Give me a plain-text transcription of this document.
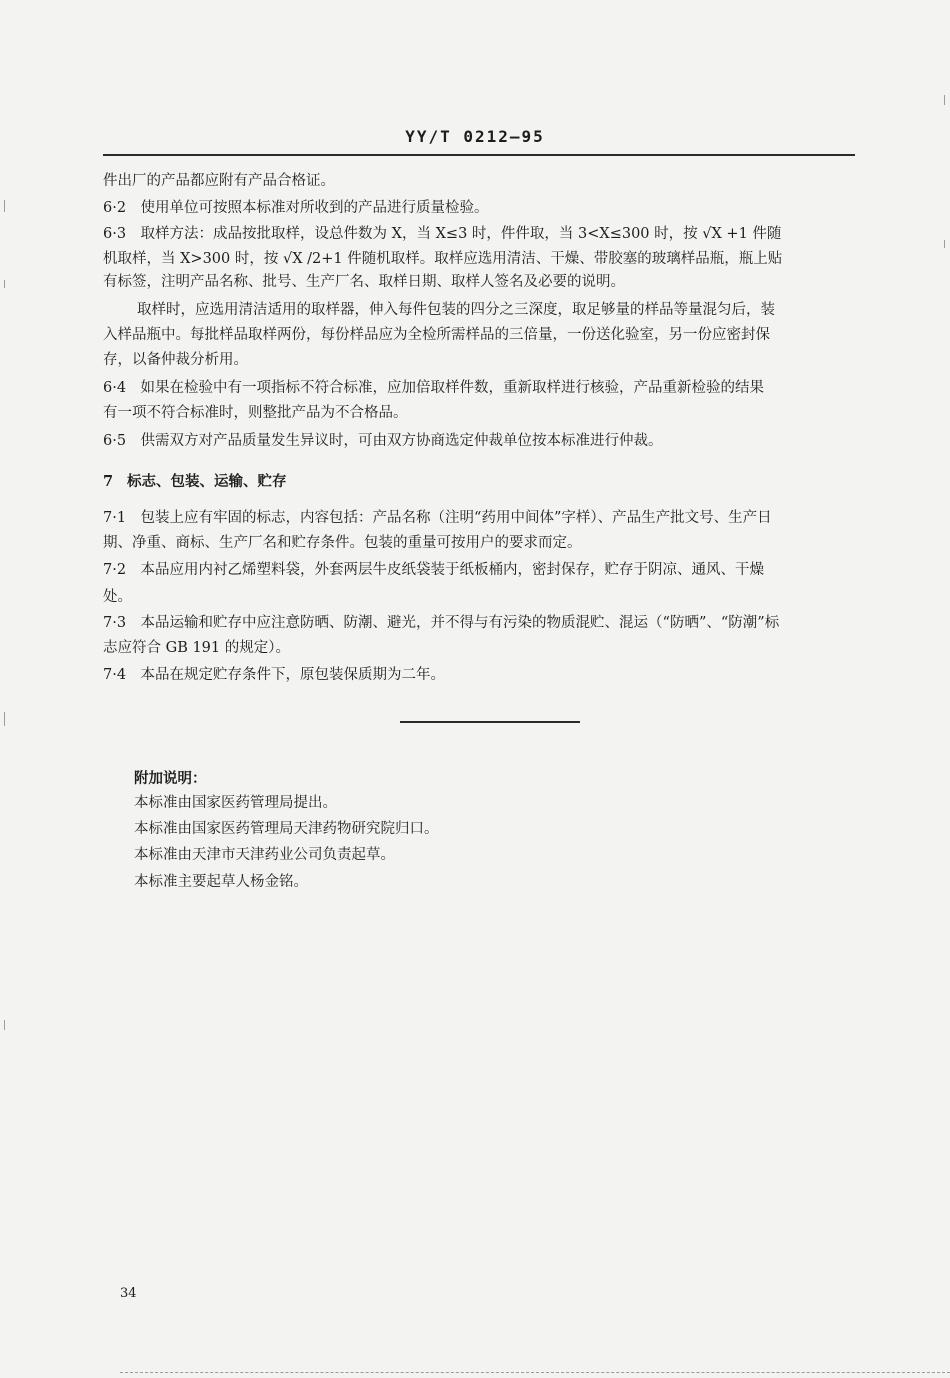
YY/T 0212—95
件出厂的产品都应附有产品合格证。
6·2　使用单位可按照本标准对所收到的产品进行质量检验。
6·3　取样方法：成品按批取样，设总件数为 X，当 X≤3 时，件件取，当 3<X≤300 时，按 √X +1 件随
机取样，当 X>300 时，按 √X /2+1 件随机取样。取样应选用清洁、干燥、带胶塞的玻璃样品瓶，瓶上贴
有标签，注明产品名称、批号、生产厂名、取样日期、取样人签名及必要的说明。
取样时，应选用清洁适用的取样器，伸入每件包装的四分之三深度，取足够量的样品等量混匀后，装
入样品瓶中。每批样品取样两份，每份样品应为全检所需样品的三倍量，一份送化验室，另一份应密封保
存，以备仲裁分析用。
6·4　如果在检验中有一项指标不符合标准，应加倍取样件数，重新取样进行核验，产品重新检验的结果
有一项不符合标准时，则整批产品为不合格品。
6·5　供需双方对产品质量发生异议时，可由双方协商选定仲裁单位按本标准进行仲裁。
7 标志、包装、运输、贮存
7·1　包装上应有牢固的标志，内容包括：产品名称（注明“药用中间体”字样）、产品生产批文号、生产日
期、净重、商标、生产厂名和贮存条件。包装的重量可按用户的要求而定。
7·2　本品应用内衬乙烯塑料袋，外套两层牛皮纸袋装于纸板桶内，密封保存，贮存于阴凉、通风、干燥
处。
7·3　本品运输和贮存中应注意防晒、防潮、避光，并不得与有污染的物质混贮、混运（“防晒”、“防潮”标
志应符合 GB 191 的规定）。
7·4　本品在规定贮存条件下，原包装保质期为二年。
附加说明：
本标准由国家医药管理局提出。
本标准由国家医药管理局天津药物研究院归口。
本标准由天津市天津药业公司负责起草。
本标准主要起草人杨金铭。
34
